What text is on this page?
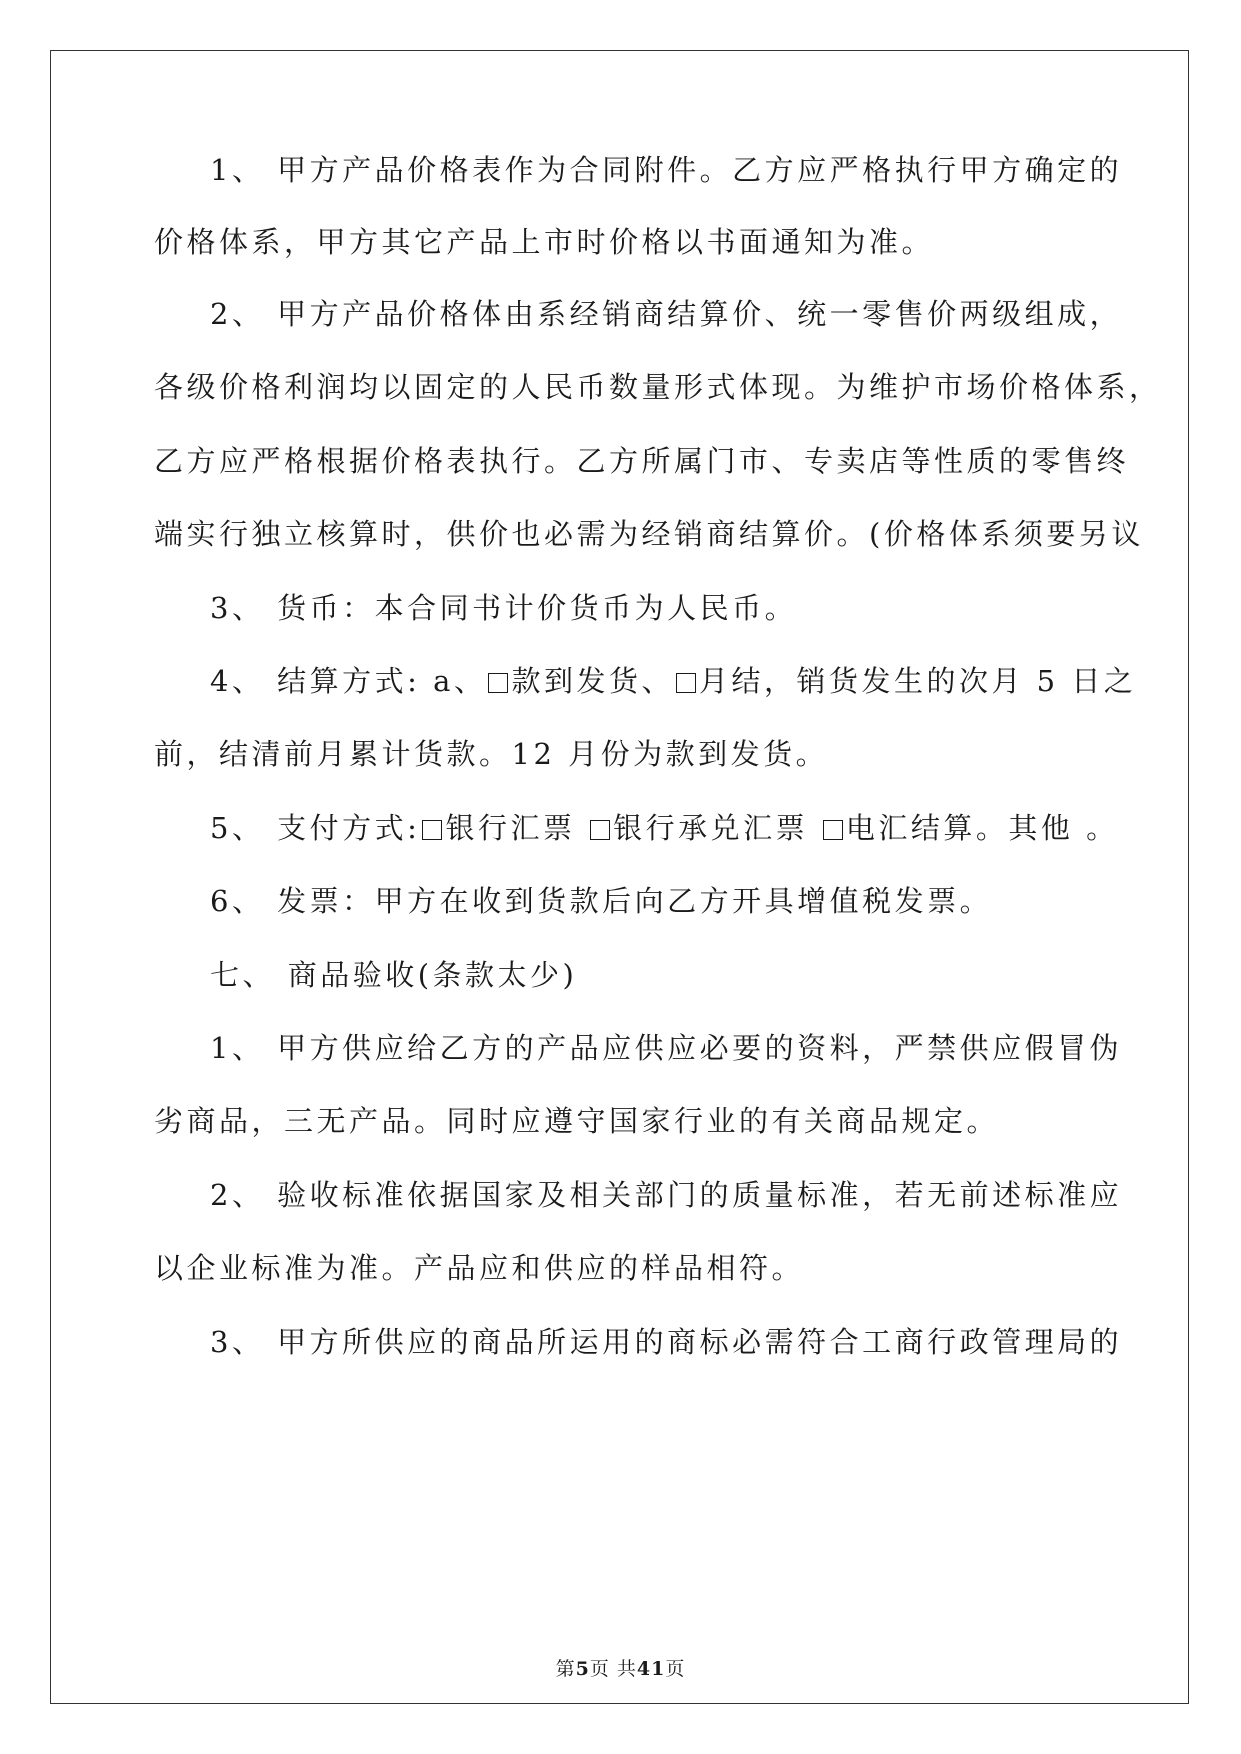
1、 甲方产品价格表作为合同附件。乙方应严格执行甲方确定的
价格体系，甲方其它产品上市时价格以书面通知为准。
2、 甲方产品价格体由系经销商结算价、统一零售价两级组成，
各级价格利润均以固定的人民币数量形式体现。为维护市场价格体系，
乙方应严格根据价格表执行。乙方所属门市、专卖店等性质的零售终
端实行独立核算时，供价也必需为经销商结算价。(价格体系须要另议
3、 货币：本合同书计价货币为人民币。
4、 结算方式: a、 款到发货、 月结，销货发生的次月 5 日之
前，结清前月累计货款。12 月份为款到发货。
5、 支付方式: 银行汇票 银行承兑汇票 电汇结算。其他 。
6、 发票：甲方在收到货款后向乙方开具增值税发票。
七、 商品验收(条款太少)
1、 甲方供应给乙方的产品应供应必要的资料，严禁供应假冒伪
劣商品，三无产品。同时应遵守国家行业的有关商品规定。
2、 验收标准依据国家及相关部门的质量标准，若无前述标准应
以企业标准为准。产品应和供应的样品相符。
3、 甲方所供应的商品所运用的商标必需符合工商行政管理局的
第5页 共41页
